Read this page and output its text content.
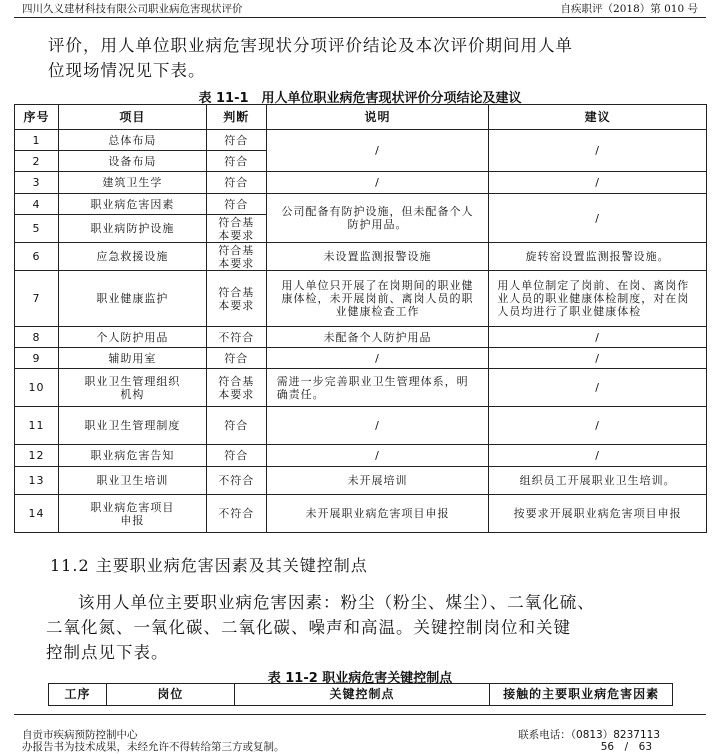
四川久义建材科技有限公司职业病危害现状评价	自疾职评（2018）第 010 号
评价，用人单位职业病危害现状分项评价结论及本次评价期间用人单
位现场情况见下表。
表 11-1　用人单位职业病危害现状评价分项结论及建议
序号	项目	判断	说明	建议
1	总体布局	符合	/	/
2	设备布局	符合		
3	建筑卫生学	符合	/	/
4	职业病危害因素	符合	公司配备有防护设施，但未配备个人防护用品。	/
5	职业病防护设施	符合基本要求		
6	应急救援设施	符合基本要求	未设置监测报警设施	旋转窑设置监测报警设施。
7	职业健康监护	符合基本要求	用人单位只开展了在岗期间的职业健康体检，未开展岗前、离岗人员的职业健康检查工作	用人单位制定了岗前、在岗、离岗作业人员的职业健康体检制度，对在岗人员均进行了职业健康体检
8	个人防护用品	不符合	未配备个人防护用品	/
9	辅助用室	符合	/	/
10	职业卫生管理组织机构	符合基本要求	需进一步完善职业卫生管理体系，明确责任。	/
11	职业卫生管理制度	符合	/	/
12	职业病危害告知	符合	/	/
13	职业卫生培训	不符合	未开展培训	组织员工开展职业卫生培训。
14	职业病危害项目申报	不符合	未开展职业病危害项目申报	按要求开展职业病危害项目申报
11.2 主要职业病危害因素及其关键控制点
该用人单位主要职业病危害因素：粉尘（粉尘、煤尘）、二氧化硫、
二氧化氮、一氧化碳、二氧化碳、噪声和高温。关键控制岗位和关键
控制点见下表。
表 11-2 职业病危害关键控制点
工序	岗位	关键控制点	接触的主要职业病危害因素
自贡市疾病预防控制中心	联系电话：（0813）8237113
办报告书为技术成果，未经允许不得转给第三方或复制。	56　/　63
